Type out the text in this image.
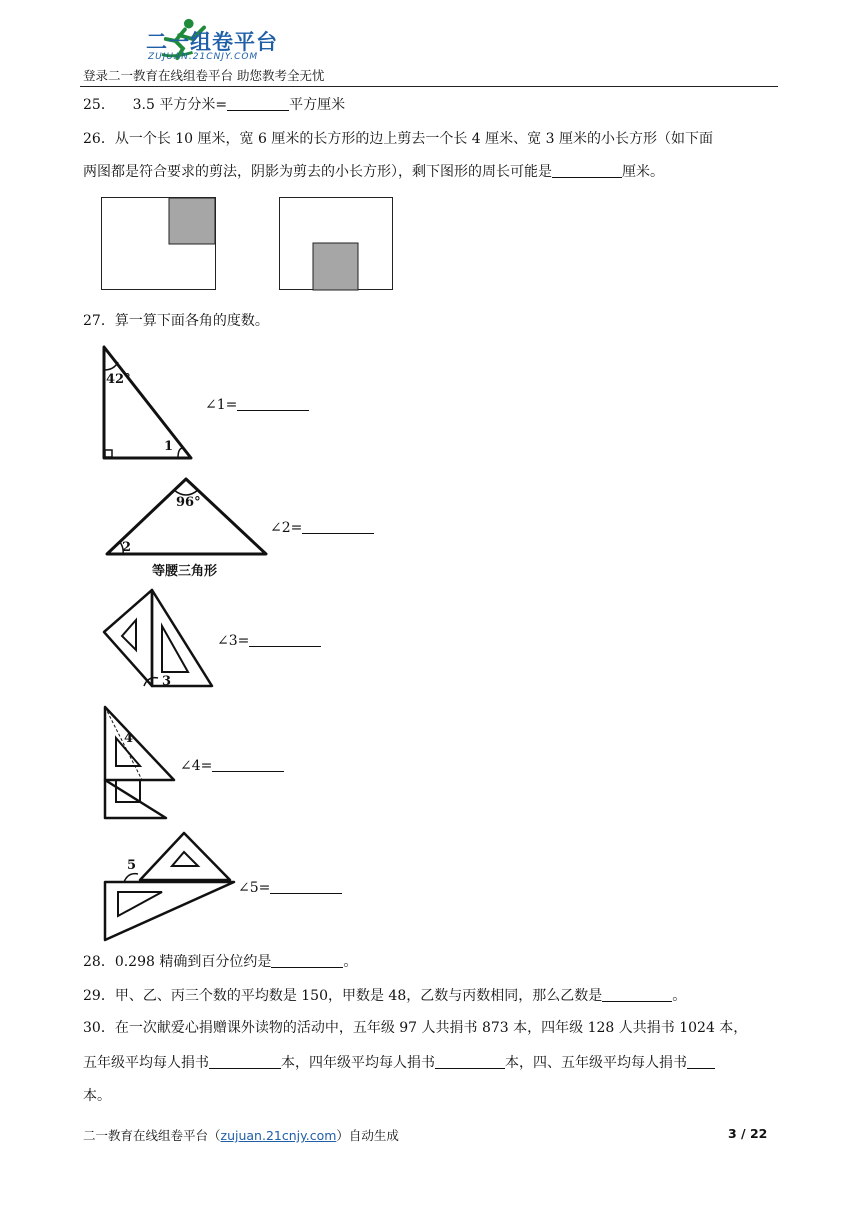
二一组卷平台
ZUJUAN.21CNJY.COM
登录二一教育在线组卷平台 助您教考全无忧
25． 3.5 平方分米=	平方厘米
26．从一个长 10 厘米，宽 6 厘米的长方形的边上剪去一个长 4 厘米、宽 3 厘米的小长方形（如下面
两图都是符合要求的剪法，阴影为剪去的小长方形），剩下图形的周长可能是	厘米。
27．算一算下面各角的度数。
42°
1
∠1=
96°
2
等腰三角形
∠2=
3
∠3=
4
∠4=
5
∠5=
28．0.298 精确到百分位约是	。
29．甲、乙、丙三个数的平均数是 150，甲数是 48，乙数与丙数相同，那么乙数是	。
30．在一次献爱心捐赠课外读物的活动中，五年级 97 人共捐书 873 本，四年级 128 人共捐书 1024 本，
五年级平均每人捐书	本，四年级平均每人捐书	本，四、五年级平均每人捐书
本。
二一教育在线组卷平台（zujuan.21cnjy.com）自动生成	3 / 22
